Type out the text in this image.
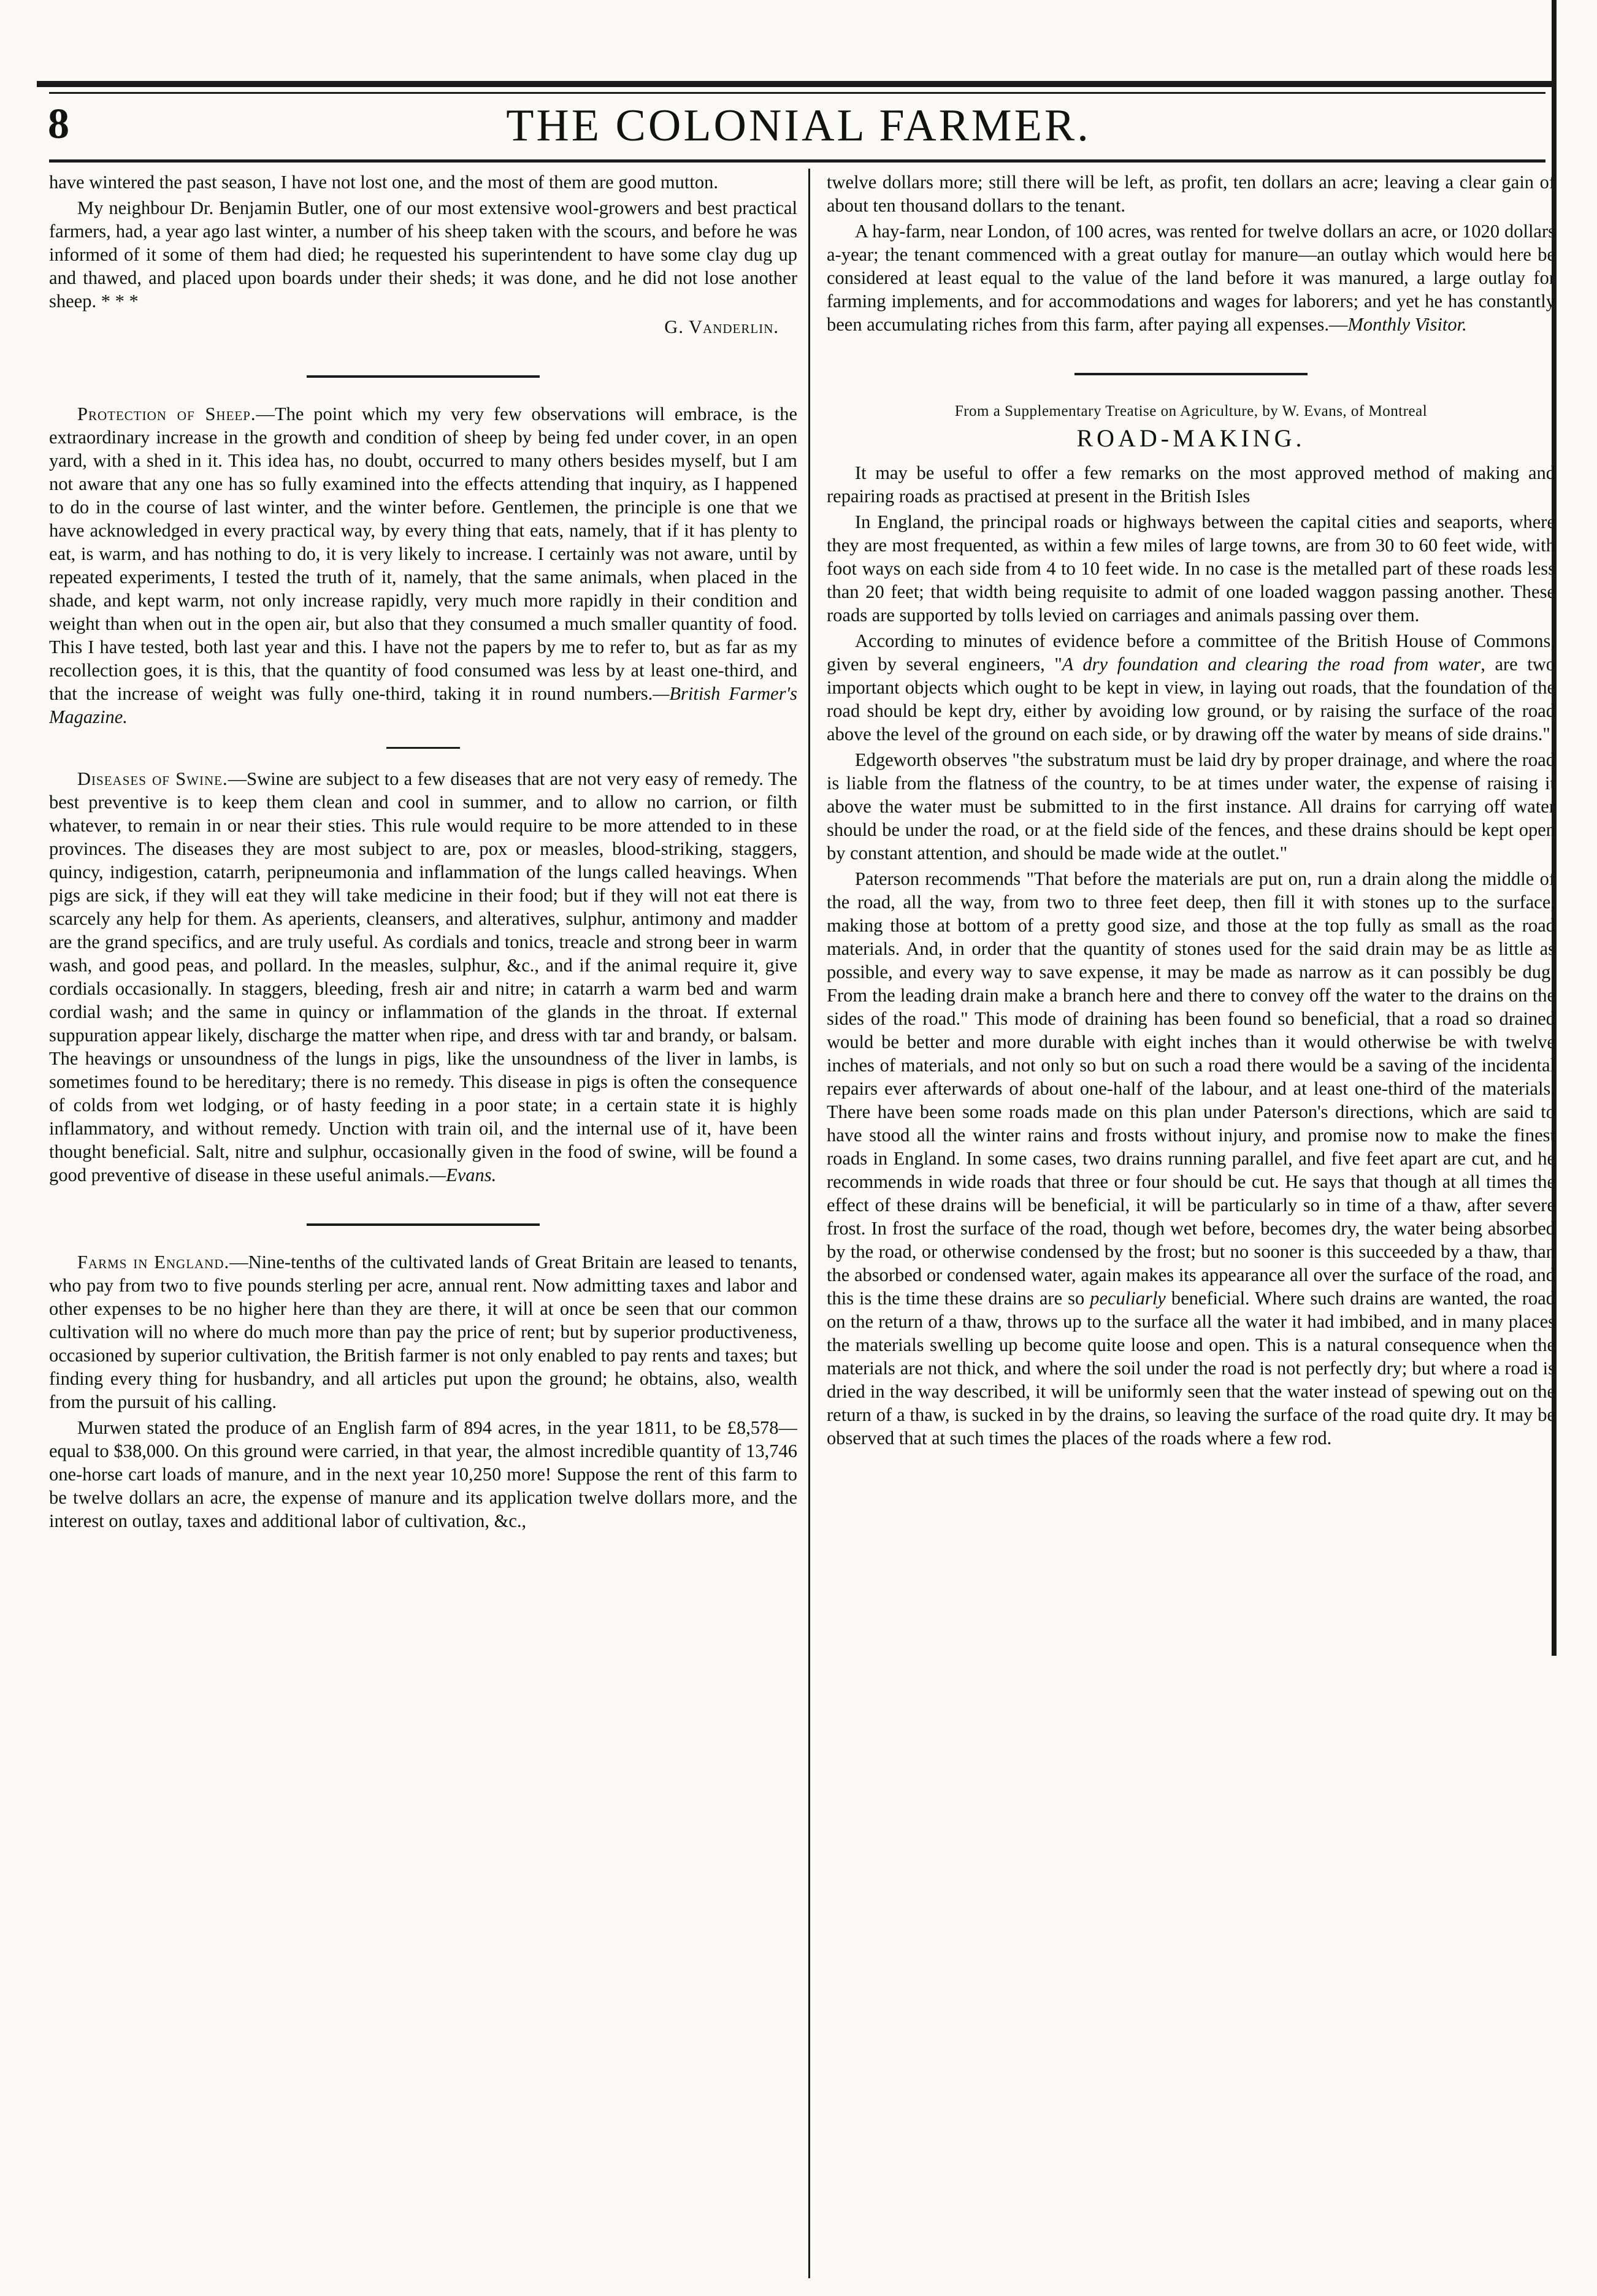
8	THE COLONIAL FARMER.

have wintered the past season, I have not lost one, and the most of them are good mutton.

My neighbour Dr. Benjamin Butler, one of our most extensive wool-growers and best practical farmers, had, a year ago last winter, a number of his sheep taken with the scours, and before he was informed of it some of them had died; he requested his superintendent to have some clay dug up and thawed, and placed upon boards under their sheds; it was done, and he did not lose another sheep. * * *

G. Vanderlin.

Protection of Sheep.—The point which my very few observations will embrace, is the extraordinary increase in the growth and condition of sheep by being fed under cover, in an open yard, with a shed in it. This idea has, no doubt, occurred to many others besides myself, but I am not aware that any one has so fully examined into the effects attending that inquiry, as I happened to do in the course of last winter, and the winter before. Gentlemen, the principle is one that we have acknowledged in every practical way, by every thing that eats, namely, that if it has plenty to eat, is warm, and has nothing to do, it is very likely to increase. I certainly was not aware, until by repeated experiments, I tested the truth of it, namely, that the same animals, when placed in the shade, and kept warm, not only increase rapidly, very much more rapidly in their condition and weight than when out in the open air, but also that they consumed a much smaller quantity of food. This I have tested, both last year and this. I have not the papers by me to refer to, but as far as my recollection goes, it is this, that the quantity of food consumed was less by at least one-third, and that the increase of weight was fully one-third, taking it in round numbers.—British Farmer's Magazine.

Diseases of Swine.—Swine are subject to a few diseases that are not very easy of remedy. The best preventive is to keep them clean and cool in summer, and to allow no carrion, or filth whatever, to remain in or near their sties. This rule would require to be more attended to in these provinces. The diseases they are most subject to are, pox or measles, blood-striking, staggers, quincy, indigestion, catarrh, peripneumonia and inflammation of the lungs called heavings. When pigs are sick, if they will eat they will take medicine in their food; but if they will not eat there is scarcely any help for them. As aperients, cleansers, and alteratives, sulphur, antimony and madder are the grand specifics, and are truly useful. As cordials and tonics, treacle and strong beer in warm wash, and good peas, and pollard. In the measles, sulphur, &c., and if the animal require it, give cordials occasionally. In staggers, bleeding, fresh air and nitre; in catarrh a warm bed and warm cordial wash; and the same in quincy or inflammation of the glands in the throat. If external suppuration appear likely, discharge the matter when ripe, and dress with tar and brandy, or balsam. The heavings or unsoundness of the lungs in pigs, like the unsoundness of the liver in lambs, is sometimes found to be hereditary; there is no remedy. This disease in pigs is often the consequence of colds from wet lodging, or of hasty feeding in a poor state; in a certain state it is highly inflammatory, and without remedy. Unction with train oil, and the internal use of it, have been thought beneficial. Salt, nitre and sulphur, occasionally given in the food of swine, will be found a good preventive of disease in these useful animals.—Evans.

Farms in England.—Nine-tenths of the cultivated lands of Great Britain are leased to tenants, who pay from two to five pounds sterling per acre, annual rent. Now admitting taxes and labor and other expenses to be no higher here than they are there, it will at once be seen that our common cultivation will no where do much more than pay the price of rent; but by superior productiveness, occasioned by superior cultivation, the British farmer is not only enabled to pay rents and taxes; but finding every thing for husbandry, and all articles put upon the ground; he obtains, also, wealth from the pursuit of his calling.

Murwen stated the produce of an English farm of 894 acres, in the year 1811, to be £8,578—equal to $38,000. On this ground were carried, in that year, the almost incredible quantity of 13,746 one-horse cart loads of manure, and in the next year 10,250 more! Suppose the rent of this farm to be twelve dollars an acre, the expense of manure and its application twelve dollars more, and the interest on outlay, taxes and additional labor of cultivation, &c.,

twelve dollars more; still there will be left, as profit, ten dollars an acre; leaving a clear gain of about ten thousand dollars to the tenant.

A hay-farm, near London, of 100 acres, was rented for twelve dollars an acre, or 1020 dollars a-year; the tenant commenced with a great outlay for manure—an outlay which would here be considered at least equal to the value of the land before it was manured, a large outlay for farming implements, and for accommodations and wages for laborers; and yet he has constantly been accumulating riches from this farm, after paying all expenses.—Monthly Visitor.

From a Supplementary Treatise on Agriculture, by W. Evans, of Montreal
ROAD-MAKING.

It may be useful to offer a few remarks on the most approved method of making and repairing roads as practised at present in the British Isles

In England, the principal roads or highways between the capital cities and seaports, where they are most frequented, as within a few miles of large towns, are from 30 to 60 feet wide, with foot ways on each side from 4 to 10 feet wide. In no case is the metalled part of these roads less than 20 feet; that width being requisite to admit of one loaded waggon passing another. These roads are supported by tolls levied on carriages and animals passing over them.

According to minutes of evidence before a committee of the British House of Commons, given by several engineers, "A dry foundation and clearing the road from water, are two important objects which ought to be kept in view, in laying out roads, that the foundation of the road should be kept dry, either by avoiding low ground, or by raising the surface of the road above the level of the ground on each side, or by drawing off the water by means of side drains."

Edgeworth observes "the substratum must be laid dry by proper drainage, and where the road is liable from the flatness of the country, to be at times under water, the expense of raising it above the water must be submitted to in the first instance. All drains for carrying off water should be under the road, or at the field side of the fences, and these drains should be kept open by constant attention, and should be made wide at the outlet."

Paterson recommends "That before the materials are put on, run a drain along the middle of the road, all the way, from two to three feet deep, then fill it with stones up to the surface, making those at bottom of a pretty good size, and those at the top fully as small as the road materials. And, in order that the quantity of stones used for the said drain may be as little as possible, and every way to save expense, it may be made as narrow as it can possibly be dug. From the leading drain make a branch here and there to convey off the water to the drains on the sides of the road." This mode of draining has been found so beneficial, that a road so drained would be better and more durable with eight inches than it would otherwise be with twelve inches of materials, and not only so but on such a road there would be a saving of the incidental repairs ever afterwards of about one-half of the labour, and at least one-third of the materials. There have been some roads made on this plan under Paterson's directions, which are said to have stood all the winter rains and frosts without injury, and promise now to make the finest roads in England. In some cases, two drains running parallel, and five feet apart are cut, and he recommends in wide roads that three or four should be cut. He says that though at all times the effect of these drains will be beneficial, it will be particularly so in time of a thaw, after severe frost. In frost the surface of the road, though wet before, becomes dry, the water being absorbed by the road, or otherwise condensed by the frost; but no sooner is this succeeded by a thaw, than the absorbed or condensed water, again makes its appearance all over the surface of the road, and this is the time these drains are so peculiarly beneficial. Where such drains are wanted, the road on the return of a thaw, throws up to the surface all the water it had imbibed, and in many places the materials swelling up become quite loose and open. This is a natural consequence when the materials are not thick, and where the soil under the road is not perfectly dry; but where a road is dried in the way described, it will be uniformly seen that the water instead of spewing out on the return of a thaw, is sucked in by the drains, so leaving the surface of the road quite dry. It may be observed that at such times the places of the roads where a few rod.
